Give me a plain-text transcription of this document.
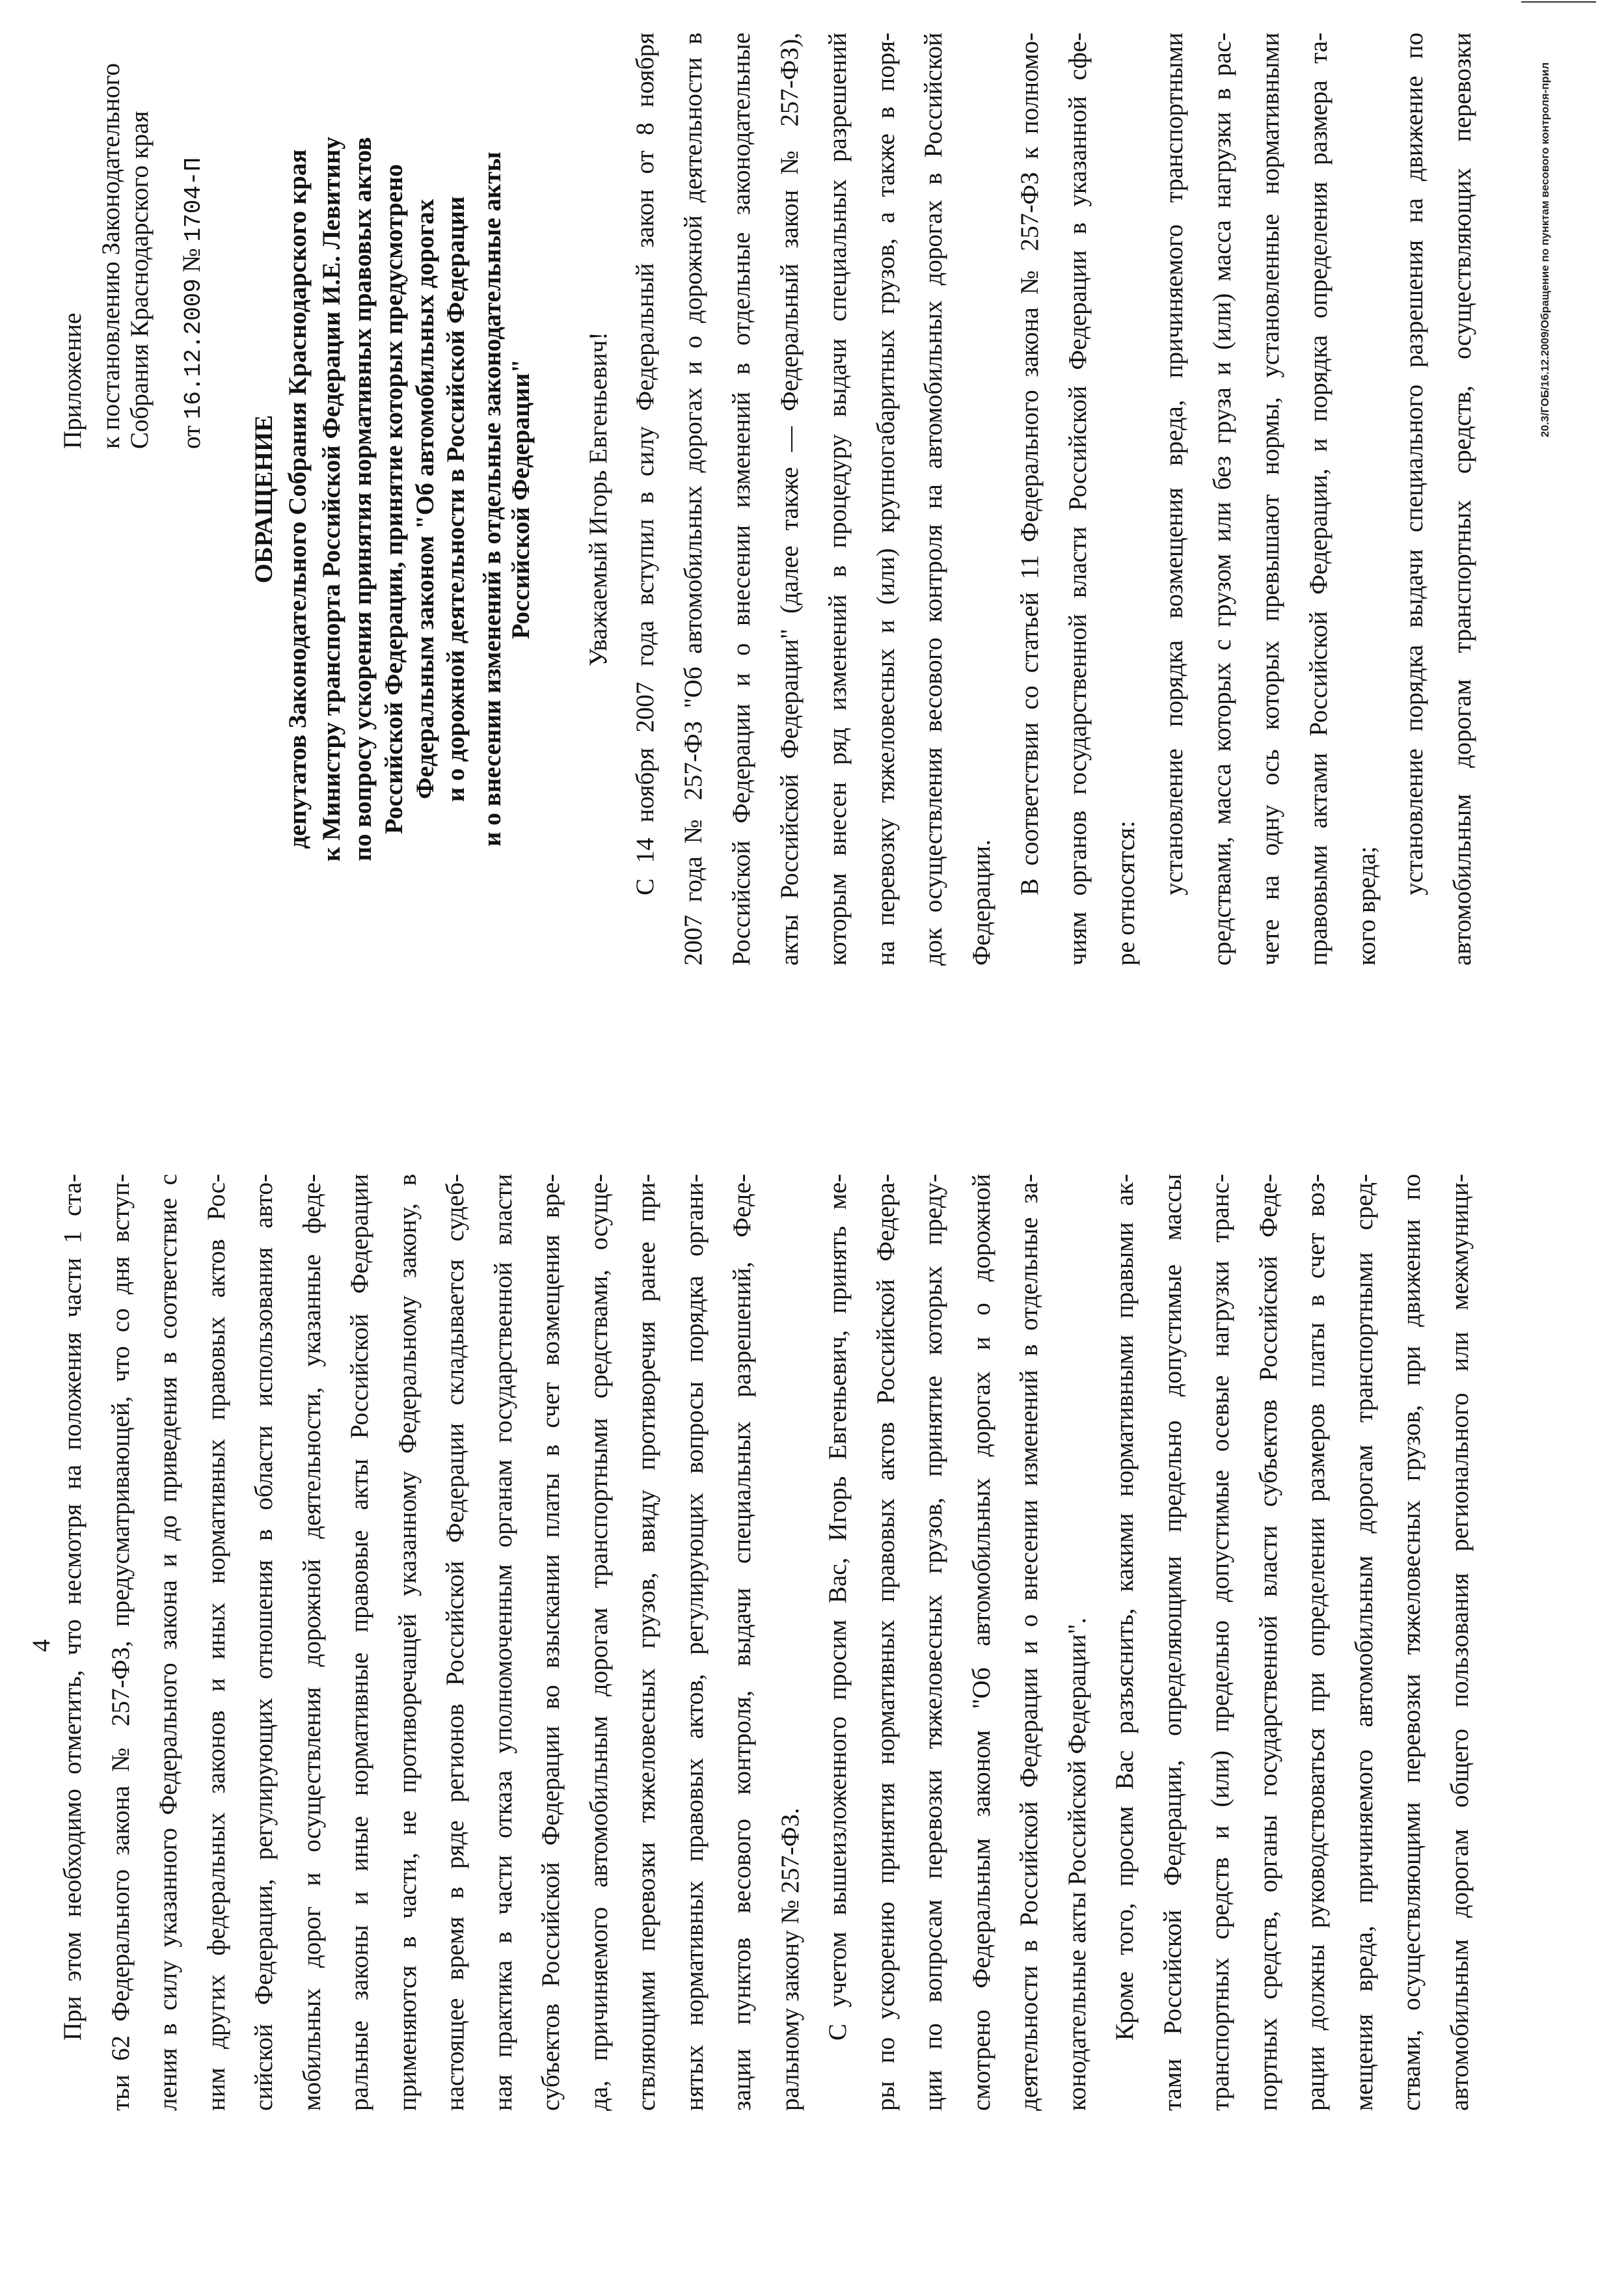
Приложение к постановлению Законодательного Собрания Краснодарского края от 16.12.2009 № 1704-П
ОБРАЩЕНИЕ депутатов Законодательного Собрания Краснодарского края к Министру транспорта Российской Федерации И.Е. Левитину по вопросу ускорения принятия нормативных правовых актов Российской Федерации, принятие которых предусмотрено Федеральным законом "Об автомобильных дорогах и о дорожной деятельности в Российской Федерации и о внесении изменений в отдельные законодательные акты Российской Федерации" Уважаемый Игорь Евгеньевич! С 14 ноября 2007 года вступил в силу Федеральный закон от 8 ноября 2007 года № 257-ФЗ "Об автомобильных дорогах и о дорожной деятельности в Российской Федерации и о внесении изменений в отдельные законодательные акты Российской Федерации" (далее также — Федеральный закон № 257-ФЗ), которым внесен ряд изменений в процедуру выдачи специальных разрешений на перевозку тяжеловесных и (или) крупногабаритных грузов, а также в поря- док осуществления весового контроля на автомобильных дорогах в Российской Федерации.
В соответствии со статьей 11 Федерального закона № 257-ФЗ к полномо- чиям органов государственной власти Российской Федерации в указанной сфе- ре относятся: установление порядка возмещения вреда, причиняемого транспортными средствами, масса которых с грузом или без груза и (или) масса нагрузки в рас- чете на одну ось которых превышают нормы, установленные нормативными правовыми актами Российской Федерации, и порядка определения размера та- кого вреда;
установление порядка выдачи специального разрешения на движение по автомобильным дорогам транспортных средств, осуществляющих перевозки	20.3/ГОБ/16.12.2009/Обращение по пунктам весового контроля-прил
4 При этом необходимо отметить, что несмотря на положения части 1 ста- тьи 62 Федерального закона № 257-ФЗ, предусматривающей, что со дня вступ- ления в силу указанного Федерального закона и до приведения в соответствие с ним других федеральных законов и иных нормативных правовых актов Рос- сийской Федерации, регулирующих отношения в области использования авто- мобильных дорог и осуществления дорожной деятельности, указанные феде- ральные законы и иные нормативные правовые акты Российской Федерации применяются в части, не противоречащей указанному Федеральному закону, в настоящее время в ряде регионов Российской Федерации складывается судеб- ная практика в части отказа уполномоченным органам государственной власти субъектов Российской Федерации во взыскании платы в счет возмещения вре- да, причиняемого автомобильным дорогам транспортными средствами, осуще- ствляющими перевозки тяжеловесных грузов, ввиду противоречия ранее при- нятых нормативных правовых актов, регулирующих вопросы порядка органи- зации пунктов весового контроля, выдачи специальных разрешений, Феде- ральному закону № 257-ФЗ. С учетом вышеизложенного просим Вас, Игорь Евгеньевич, принять ме- ры по ускорению принятия нормативных правовых актов Российской Федера- ции по вопросам перевозки тяжеловесных грузов, принятие которых преду- смотрено Федеральным законом "Об автомобильных дорогах и о дорожной деятельности в Российской Федерации и о внесении изменений в отдельные за- конодательные акты Российской Федерации". Кроме того, просим Вас разъяснить, какими нормативными правыми ак- тами Российской Федерации, определяющими предельно допустимые массы транспортных средств и (или) предельно допустимые осевые нагрузки транс- портных средств, органы государственной власти субъектов Российской Феде- рации должны руководствоваться при определении размеров платы в счет воз- мещения вреда, причиняемого автомобильным дорогам транспортными сред- ствами, осуществляющими перевозки тяжеловесных грузов, при движении по автомобильным дорогам общего пользования регионального или межмуници-
